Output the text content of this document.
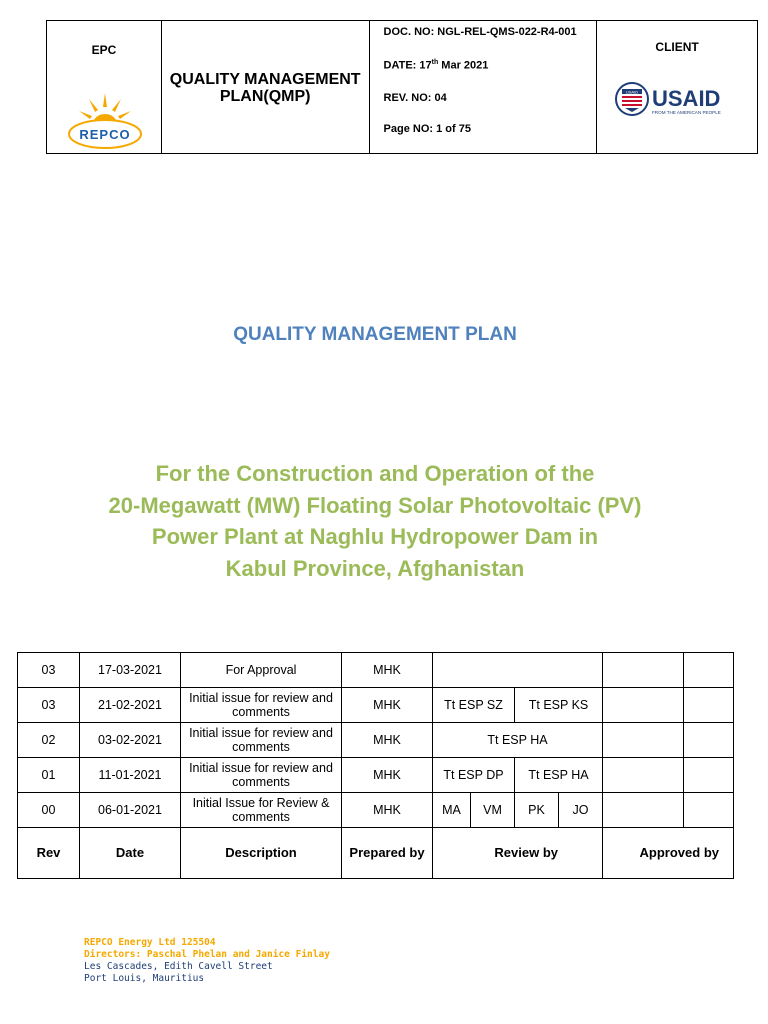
EPC
REPCO

QUALITY MANAGEMENT
PLAN(QMP)

DOC. NO: NGL-REL-QMS-022-R4-001
DATE: 17th Mar 2021
REV. NO: 04
Page NO: 1 of 75

CLIENT
USAID USAID
FROM THE AMERICAN PEOPLE
QUALITY MANAGEMENT PLAN
For the Construction and Operation of the
20-Megawatt (MW) Floating Solar Photovoltaic (PV)
Power Plant at Naghlu Hydropower Dam in
Kabul Province, Afghanistan
03	17-03-2021	For Approval	MHK						
03	21-02-2021	Initial issue for review and comments	MHK	Tt ESP SZ		Tt ESP KS			
02	03-02-2021	Initial issue for review and comments	MHK	Tt ESP HA					
01	11-01-2021	Initial issue for review and comments	MHK	Tt ESP DP		Tt ESP HA			
00	06-01-2021	Initial Issue for Review & comments	MHK	MA	VM	PK	JO		
Rev	Date	Description	Prepared by	Review by				Approved by	
REPCO Energy Ltd 125504
Directors: Paschal Phelan and Janice Finlay
Les Cascades, Edith Cavell Street
Port Louis, Mauritius
